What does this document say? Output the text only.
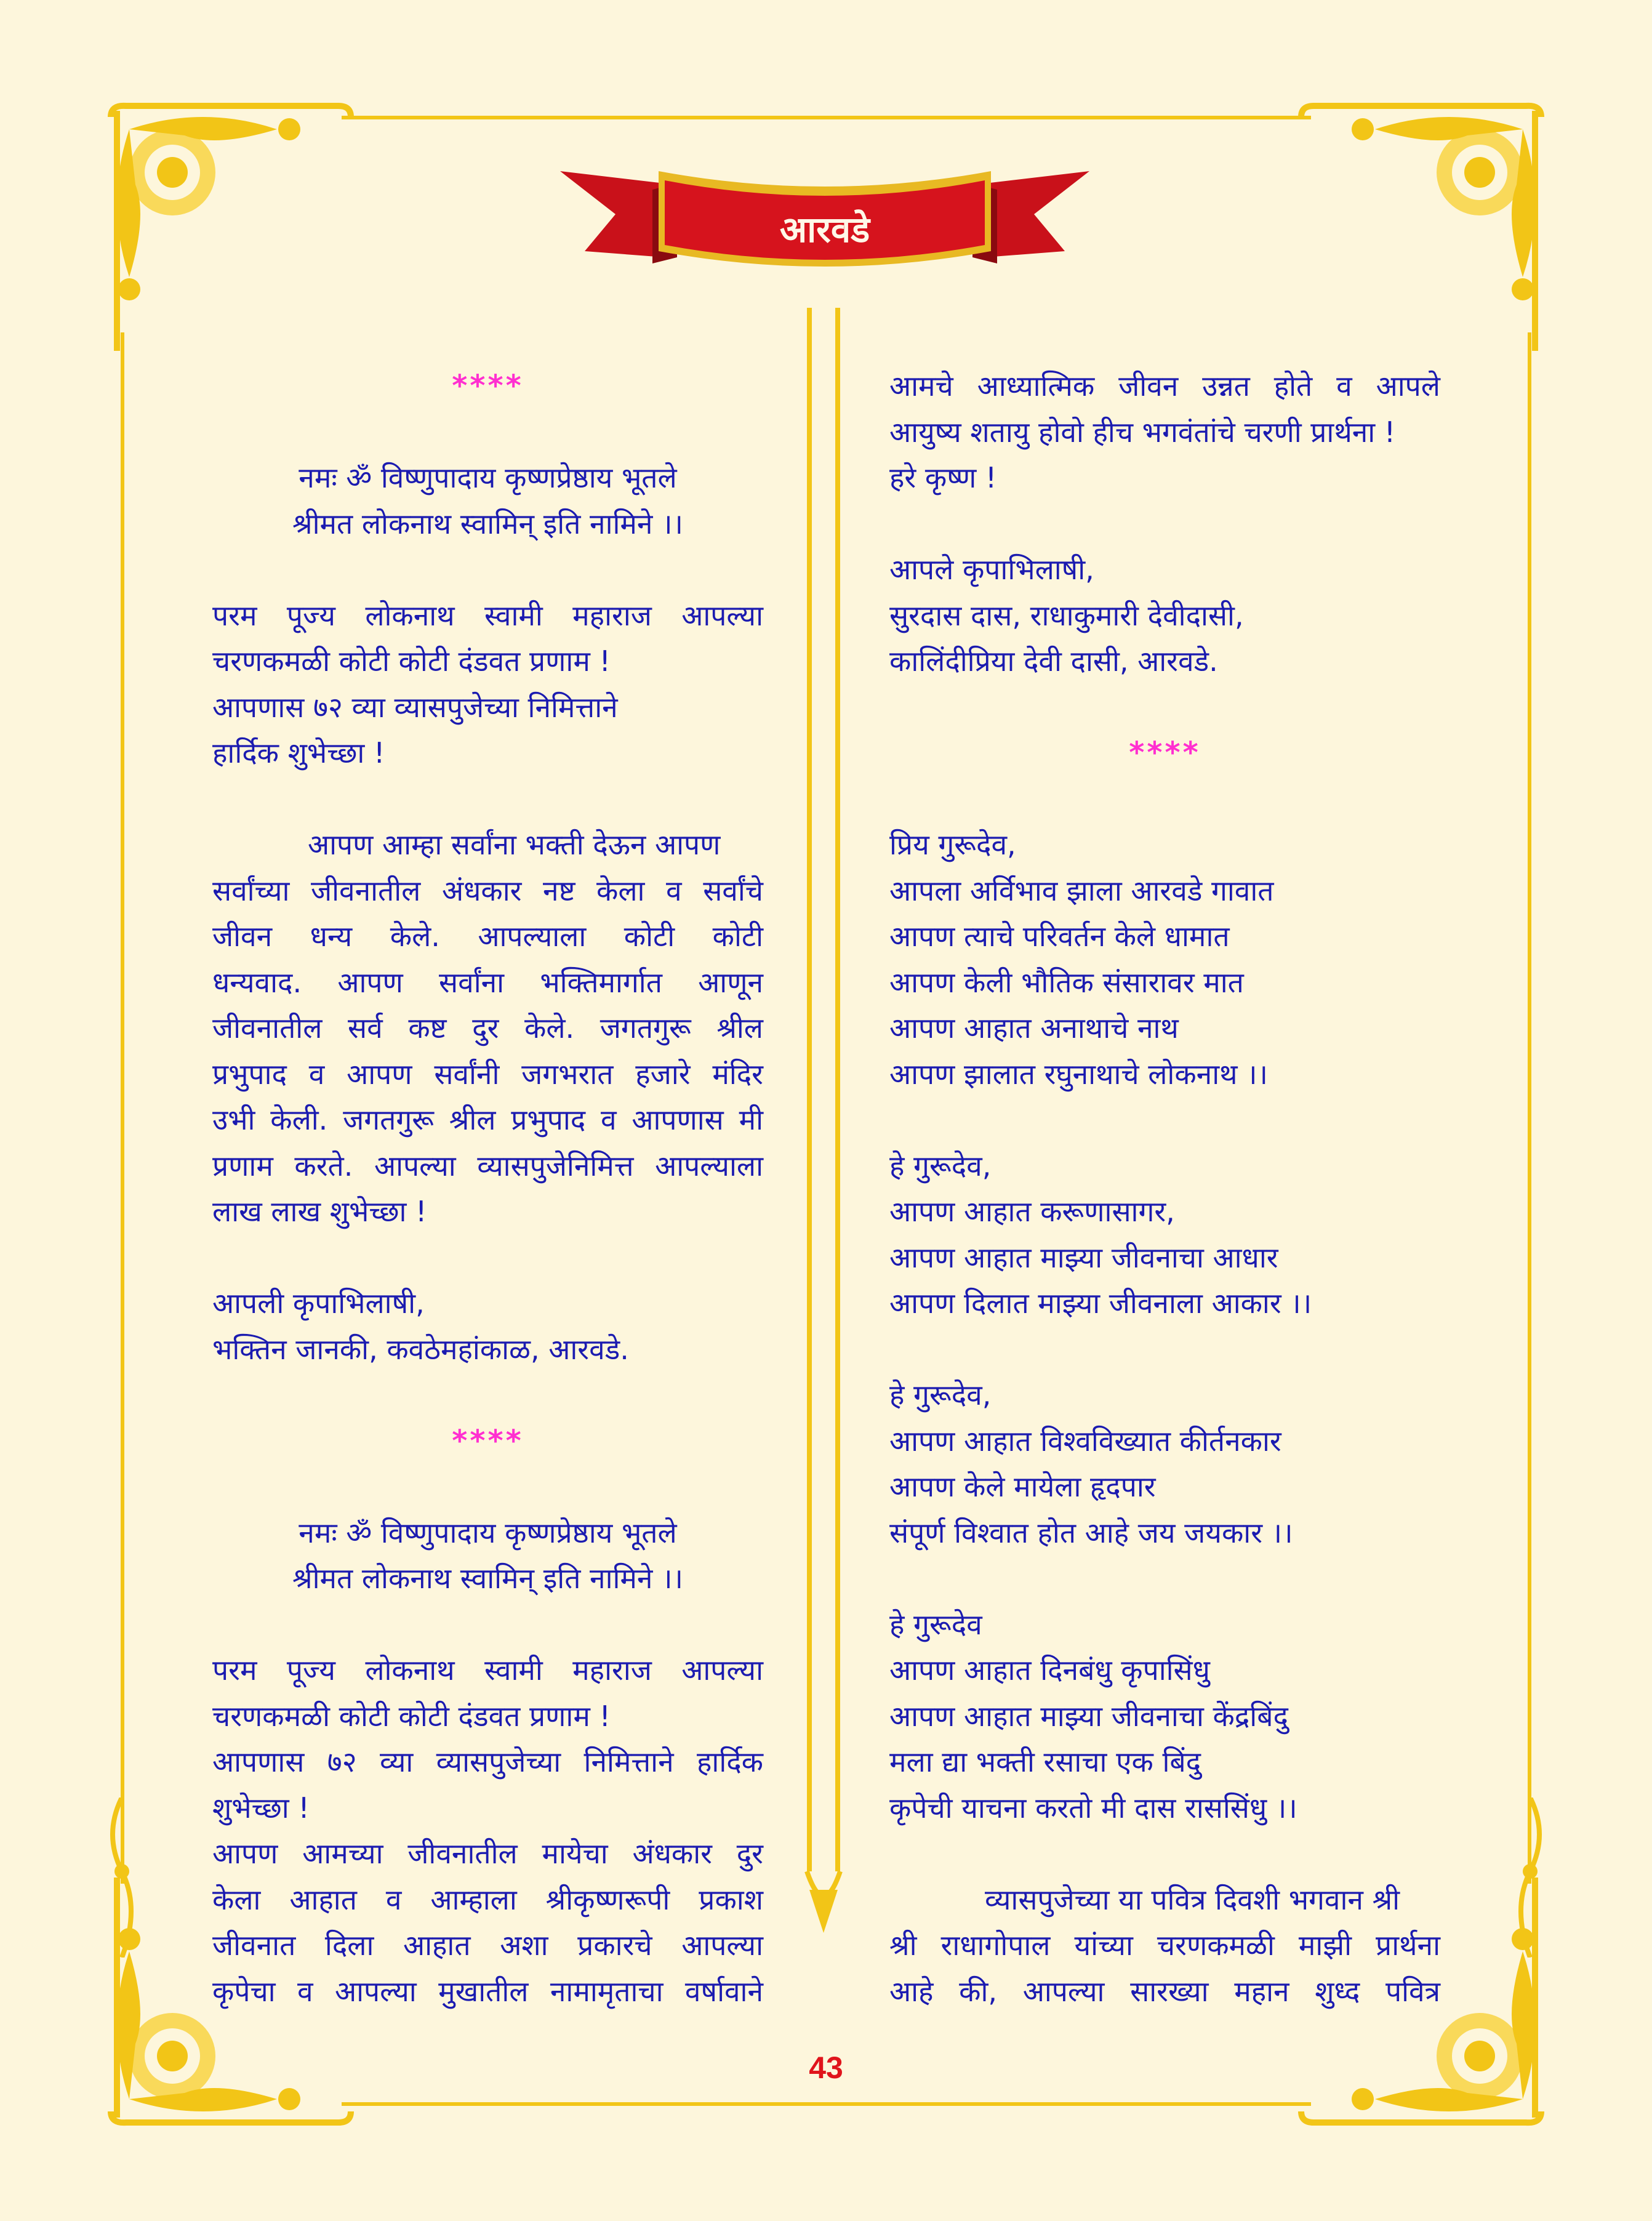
आरवडे
****
नमः ॐ विष्णुपादाय कृष्णप्रेष्ठाय भूतले
श्रीमत लोकनाथ स्वामिन् इति नामिने ।।
परम पूज्य लोकनाथ स्वामी महाराज आपल्या
चरणकमळी कोटी कोटी दंडवत प्रणाम !
आपणास ७२ व्या व्यासपुजेच्या निमित्ताने
हार्दिक शुभेच्छा !
आपण आम्हा सर्वांना भक्ती देऊन आपण
सर्वांच्या जीवनातील अंधकार नष्ट केला व सर्वांचे
जीवन धन्य केले. आपल्याला कोटी कोटी
धन्यवाद. आपण सर्वांना भक्तिमार्गात आणून
जीवनातील सर्व कष्ट दुर केले. जगतगुरू श्रील
प्रभुपाद व आपण सर्वांनी जगभरात हजारे मंदिर
उभी केली. जगतगुरू श्रील प्रभुपाद व आपणास मी
प्रणाम करते. आपल्या व्यासपुजेनिमित्त आपल्याला
लाख लाख शुभेच्छा !
आपली कृपाभिलाषी,
भक्तिन जानकी, कवठेमहांकाळ, आरवडे.
****
नमः ॐ विष्णुपादाय कृष्णप्रेष्ठाय भूतले
श्रीमत लोकनाथ स्वामिन् इति नामिने ।।
परम पूज्य लोकनाथ स्वामी महाराज आपल्या
चरणकमळी कोटी कोटी दंडवत प्रणाम !
आपणास ७२ व्या व्यासपुजेच्या निमित्ताने हार्दिक
शुभेच्छा !
आपण आमच्या जीवनातील मायेचा अंधकार दुर
केला आहात व आम्हाला श्रीकृष्णरूपी प्रकाश
जीवनात दिला आहात अशा प्रकारचे आपल्या
कृपेचा व आपल्या मुखातील नामामृताचा वर्षावाने
आमचे आध्यात्मिक जीवन उन्नत होते व आपले
आयुष्य शतायु होवो हीच भगवंतांचे चरणी प्रार्थना !
हरे कृष्ण !
आपले कृपाभिलाषी,
सुरदास दास, राधाकुमारी देवीदासी,
कालिंदीप्रिया देवी दासी, आरवडे.
****
प्रिय गुरूदेव,
आपला अर्विभाव झाला आरवडे गावात
आपण त्याचे परिवर्तन केले धामात
आपण केली भौतिक संसारावर मात
आपण आहात अनाथाचे नाथ
आपण झालात रघुनाथाचे लोकनाथ ।।
हे गुरूदेव,
आपण आहात करूणासागर,
आपण आहात माझ्या जीवनाचा आधार
आपण दिलात माझ्या जीवनाला आकार ।।
हे गुरूदेव,
आपण आहात विश्वविख्यात कीर्तनकार
आपण केले मायेला हृदपार
संपूर्ण विश्वात होत आहे जय जयकार ।।
हे गुरूदेव
आपण आहात दिनबंधु कृपासिंधु
आपण आहात माझ्या जीवनाचा केंद्रबिंदु
मला द्या भक्ती रसाचा एक बिंदु
कृपेची याचना करतो मी दास राससिंधु ।।
व्यासपुजेच्या या पवित्र दिवशी भगवान श्री
श्री राधागोपाल यांच्या चरणकमळी माझी प्रार्थना
आहे की, आपल्या सारख्या महान शुध्द पवित्र
43
